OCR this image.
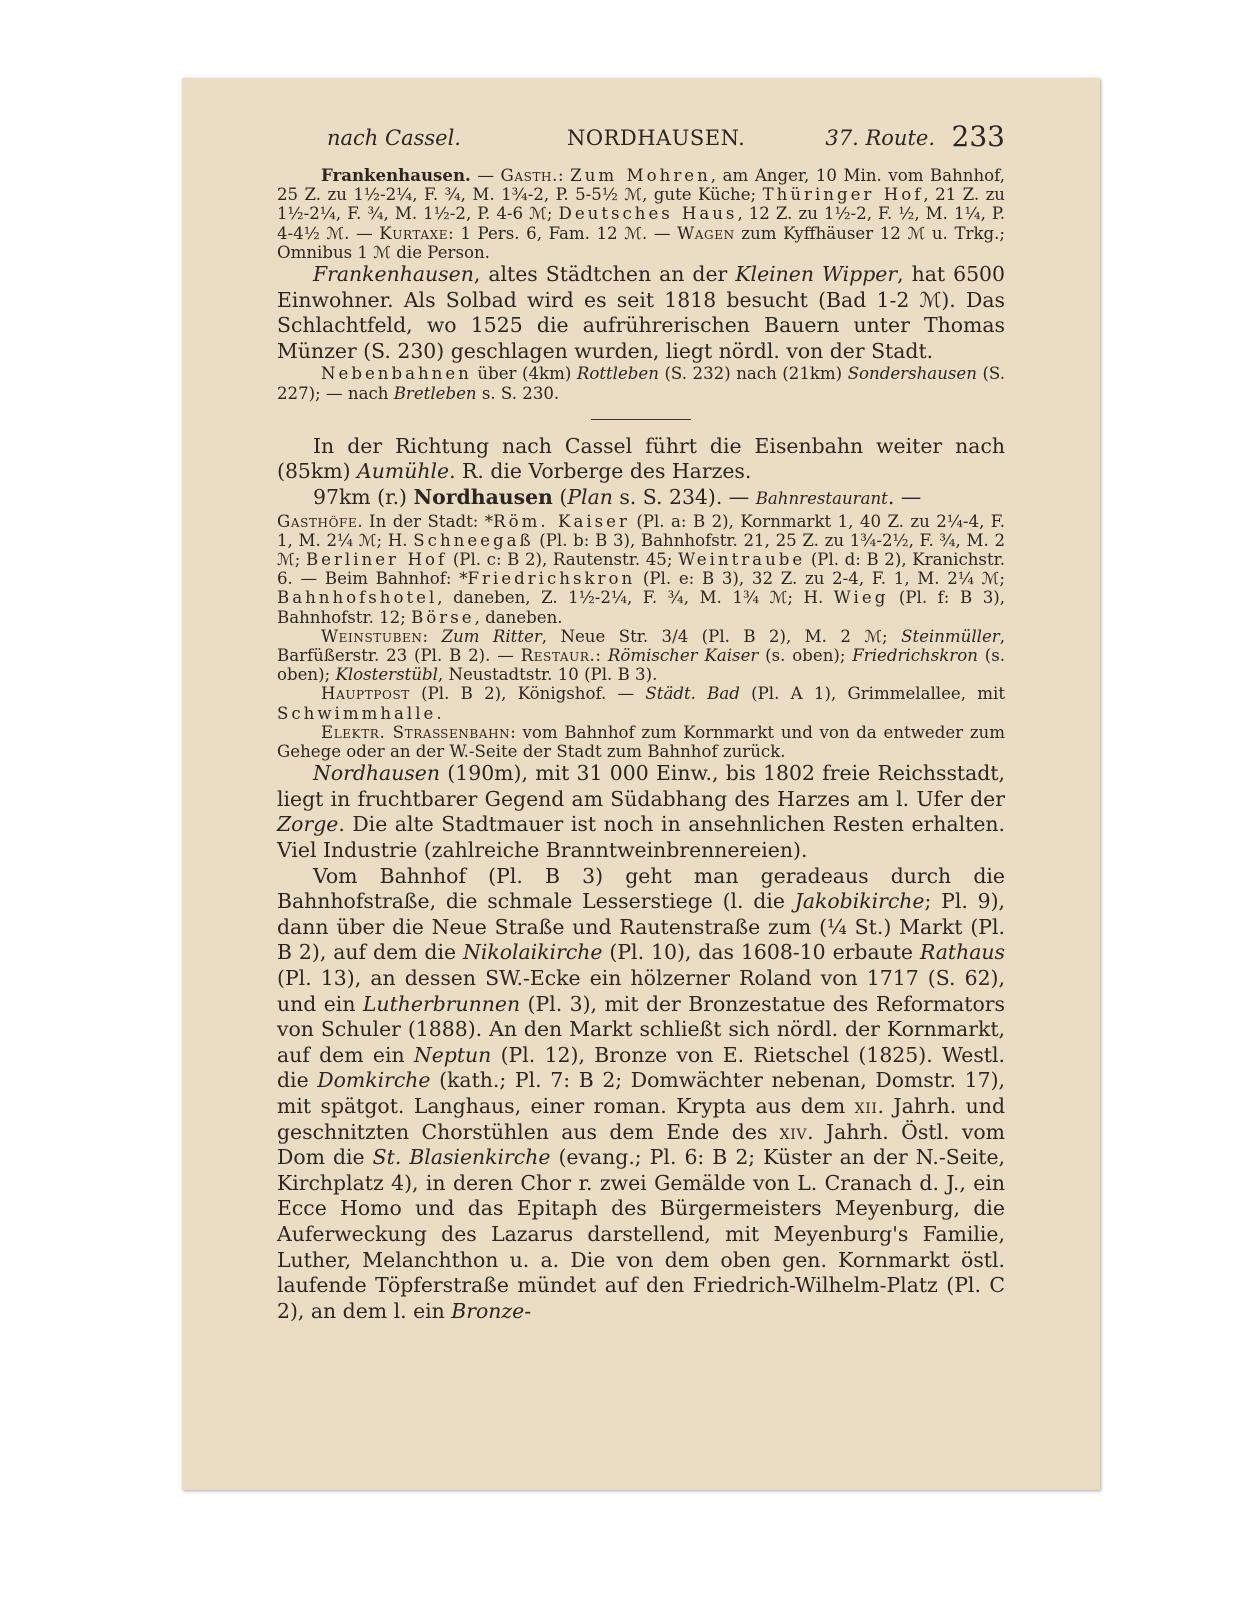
nach Cassel.	NORDHAUSEN.	37. Route. 233

Frankenhausen. — Gasth.: Zum Mohren, am Anger, 10 Min. vom Bahnhof, 25 Z. zu 1½-2¼, F. ¾, M. 1¾-2, P. 5-5½ ℳ, gute Küche; Thüringer Hof, 21 Z. zu 1½-2¼, F. ¾, M. 1½-2, P. 4-6 ℳ; Deutsches Haus, 12 Z. zu 1½-2, F. ½, M. 1¼, P. 4-4½ ℳ. — Kurtaxe: 1 Pers. 6, Fam. 12 ℳ. — Wagen zum Kyffhäuser 12 ℳ u. Trkg.; Omnibus 1 ℳ die Person.

Frankenhausen, altes Städtchen an der Kleinen Wipper, hat 6500 Einwohner. Als Solbad wird es seit 1818 besucht (Bad 1-2 ℳ). Das Schlachtfeld, wo 1525 die aufrührerischen Bauern unter Thomas Münzer (S. 230) geschlagen wurden, liegt nördl. von der Stadt.

Nebenbahnen über (4km) Rottleben (S. 232) nach (21km) Sondershausen (S. 227); — nach Bretleben s. S. 230.

In der Richtung nach Cassel führt die Eisenbahn weiter nach (85km) Aumühle. R. die Vorberge des Harzes.

97km (r.) Nordhausen (Plan s. S. 234). — Bahnrestaurant. —

Gasthöfe. In der Stadt: *Röm. Kaiser (Pl. a: B 2), Kornmarkt 1, 40 Z. zu 2¼-4, F. 1, M. 2¼ ℳ; H. Schneegaß (Pl. b: B 3), Bahnhofstr. 21, 25 Z. zu 1¾-2½, F. ¾, M. 2 ℳ; Berliner Hof (Pl. c: B 2), Rautenstr. 45; Weintraube (Pl. d: B 2), Kranichstr. 6. — Beim Bahnhof: *Friedrichskron (Pl. e: B 3), 32 Z. zu 2-4, F. 1, M. 2¼ ℳ; Bahnhofshotel, daneben, Z. 1½-2¼, F. ¾, M. 1¾ ℳ; H. Wieg (Pl. f: B 3), Bahnhofstr. 12; Börse, daneben.

Weinstuben: Zum Ritter, Neue Str. 3/4 (Pl. B 2), M. 2 ℳ; Steinmüller, Barfüßerstr. 23 (Pl. B 2). — Restaur.: Römischer Kaiser (s. oben); Friedrichskron (s. oben); Klosterstübl, Neustadtstr. 10 (Pl. B 3).

Hauptpost (Pl. B 2), Königshof. — Städt. Bad (Pl. A 1), Grimmelallee, mit Schwimmhalle.

Elektr. Straßenbahn: vom Bahnhof zum Kornmarkt und von da entweder zum Gehege oder an der W.-Seite der Stadt zum Bahnhof zurück.

Nordhausen (190m), mit 31 000 Einw., bis 1802 freie Reichsstadt, liegt in fruchtbarer Gegend am Südabhang des Harzes am l. Ufer der Zorge. Die alte Stadtmauer ist noch in ansehnlichen Resten erhalten. Viel Industrie (zahlreiche Branntweinbrennereien).

Vom Bahnhof (Pl. B 3) geht man geradeaus durch die Bahnhofstraße, die schmale Lesserstiege (l. die Jakobikirche; Pl. 9), dann über die Neue Straße und Rautenstraße zum (¼ St.) Markt (Pl. B 2), auf dem die Nikolaikirche (Pl. 10), das 1608-10 erbaute Rathaus (Pl. 13), an dessen SW.-Ecke ein hölzerner Roland von 1717 (S. 62), und ein Lutherbrunnen (Pl. 3), mit der Bronzestatue des Reformators von Schuler (1888). An den Markt schließt sich nördl. der Kornmarkt, auf dem ein Neptun (Pl. 12), Bronze von E. Rietschel (1825). Westl. die Domkirche (kath.; Pl. 7: B 2; Domwächter nebenan, Domstr. 17), mit spätgot. Langhaus, einer roman. Krypta aus dem xii. Jahrh. und geschnitzten Chorstühlen aus dem Ende des xiv. Jahrh. Östl. vom Dom die St. Blasienkirche (evang.; Pl. 6: B 2; Küster an der N.-Seite, Kirchplatz 4), in deren Chor r. zwei Gemälde von L. Cranach d. J., ein Ecce Homo und das Epitaph des Bürgermeisters Meyenburg, die Auferweckung des Lazarus darstellend, mit Meyenburg's Familie, Luther, Melanchthon u. a. Die von dem oben gen. Kornmarkt östl. laufende Töpferstraße mündet auf den Friedrich-Wilhelm-Platz (Pl. C 2), an dem l. ein Bronze-
